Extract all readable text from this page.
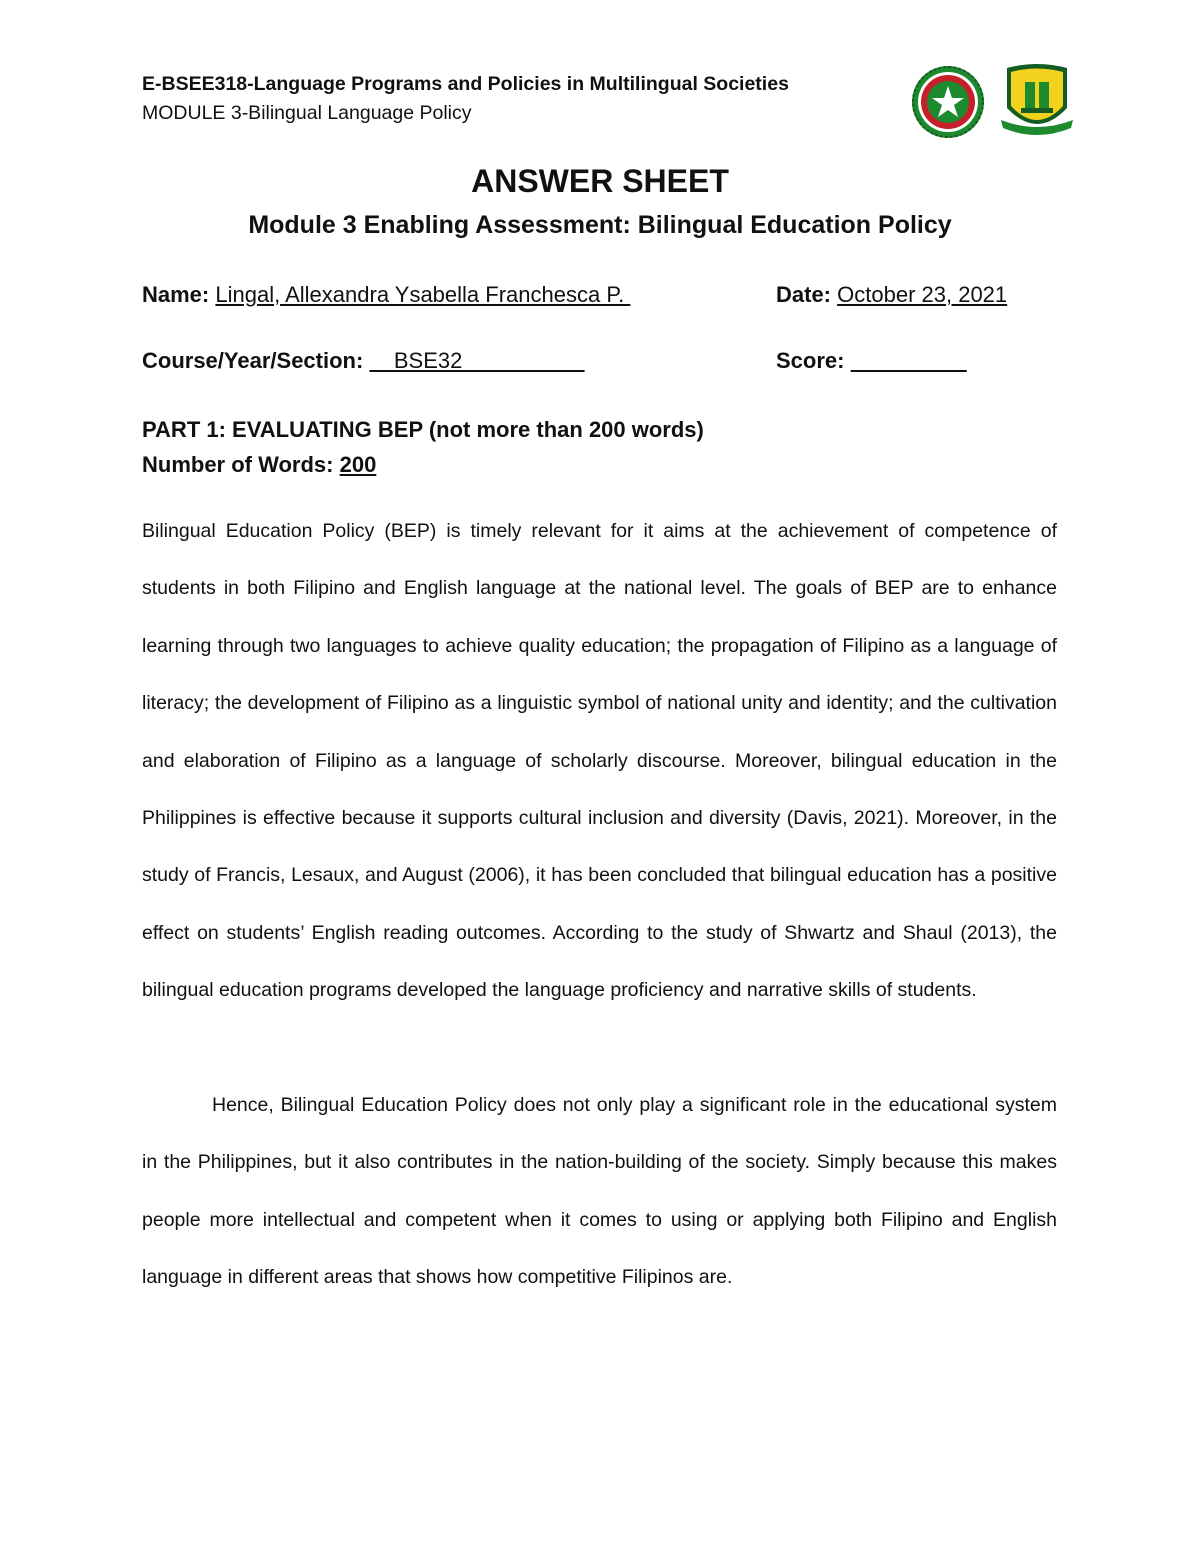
E-BSEE318-Language Programs and Policies in Multilingual Societies
MODULE 3-Bilingual Language Policy
ANSWER SHEET
Module 3 Enabling Assessment: Bilingual Education Policy
Name: Lingal, Allexandra Ysabella Franchesca P.	Date: October 23, 2021
Course/Year/Section:     BSE32	Score:
PART 1: EVALUATING BEP (not more than 200 words)
Number of Words: 200

Bilingual Education Policy (BEP) is timely relevant for it aims at the achievement of competence of students in both Filipino and English language at the national level. The goals of BEP are to enhance learning through two languages to achieve quality education; the propagation of Filipino as a language of literacy; the development of Filipino as a linguistic symbol of national unity and identity; and the cultivation and elaboration of Filipino as a language of scholarly discourse. Moreover, bilingual education in the Philippines is effective because it supports cultural inclusion and diversity (Davis, 2021). Moreover, in the study of Francis, Lesaux, and August (2006), it has been concluded that bilingual education has a positive effect on students’ English reading outcomes. According to the study of Shwartz and Shaul (2013), the bilingual education programs developed the language proficiency and narrative skills of students.

Hence, Bilingual Education Policy does not only play a significant role in the educational system in the Philippines, but it also contributes in the nation-building of the society. Simply because this makes people more intellectual and competent when it comes to using or applying both Filipino and English language in different areas that shows how competitive Filipinos are.
